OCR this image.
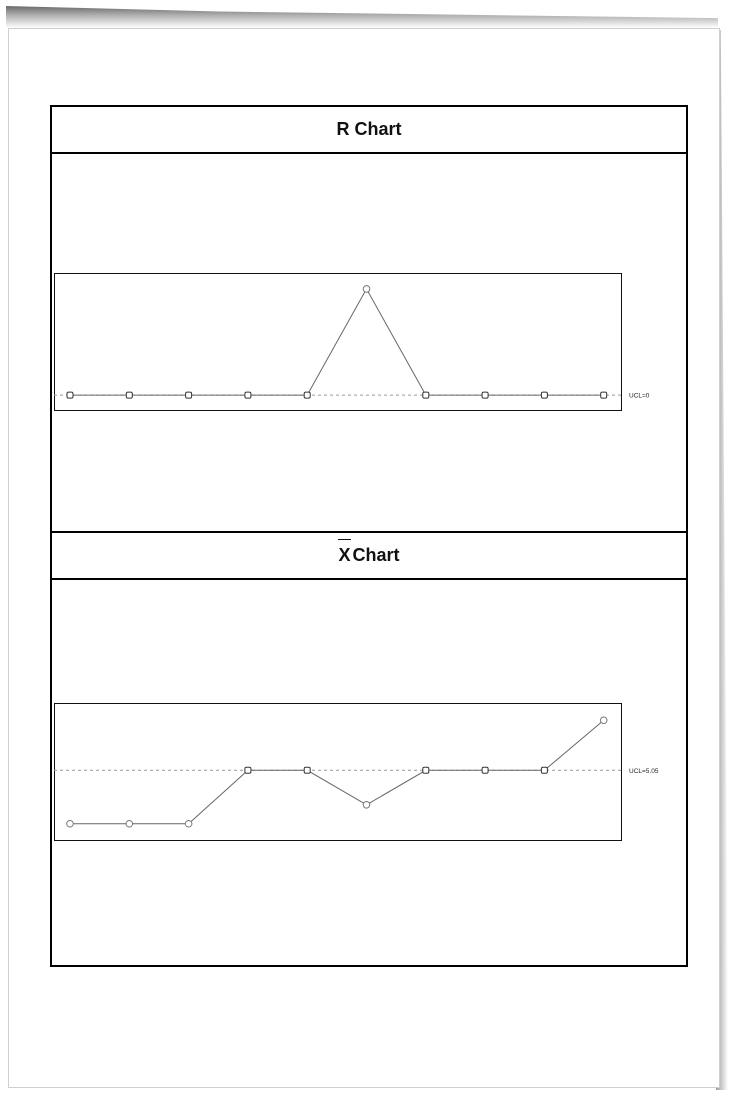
R Chart
X Chart
UCL=0
UCL=5.05
